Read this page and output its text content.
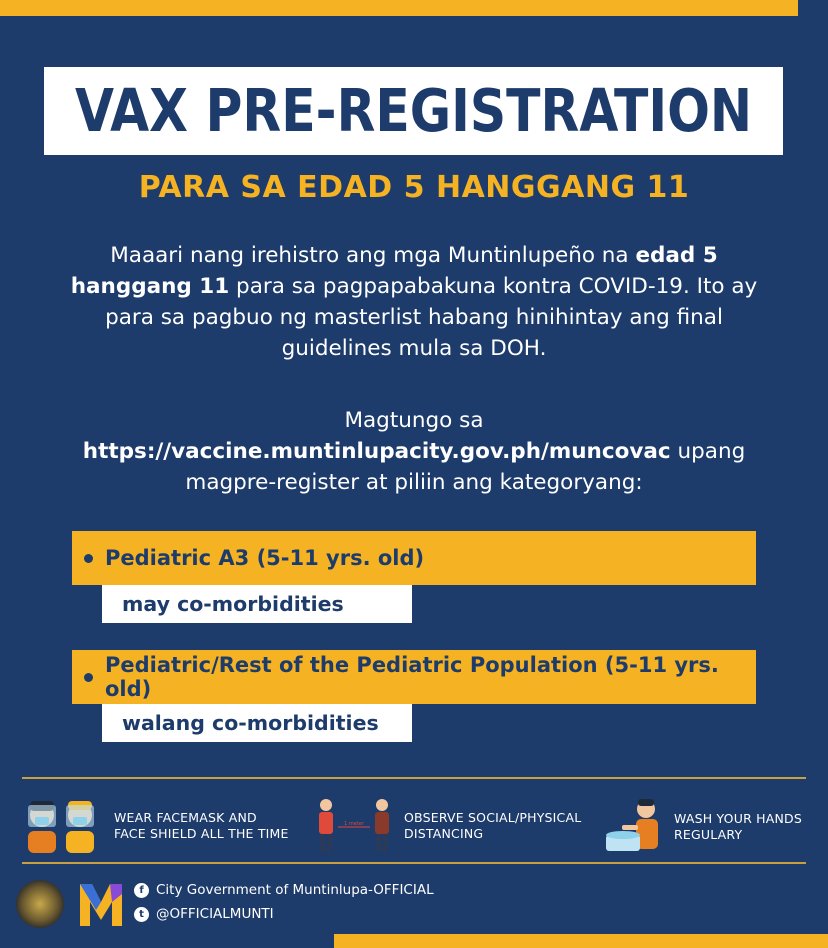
VAX PRE-REGISTRATION
PARA SA EDAD 5 HANGGANG 11
Maaari nang irehistro ang mga Muntinlupeño na edad 5 hanggang 11 para sa pagpapabakuna kontra COVID-19. Ito ay para sa pagbuo ng masterlist habang hinihintay ang final guidelines mula sa DOH.
Magtungo sa https://vaccine.muntinlupacity.gov.ph/muncovac upang magpre-register at piliin ang kategoryang:
Pediatric A3 (5-11 yrs. old)
may co-morbidities
Pediatric/Rest of the Pediatric Population (5-11 yrs. old)
walang co-morbidities
WEAR FACEMASK AND
FACE SHIELD ALL THE TIME
1 meter	OBSERVE SOCIAL/PHYSICAL
DISTANCING
WASH YOUR HANDS
REGULARY
f City Government of Muntinlupa-OFFICIAL
t @OFFICIALMUNTI
